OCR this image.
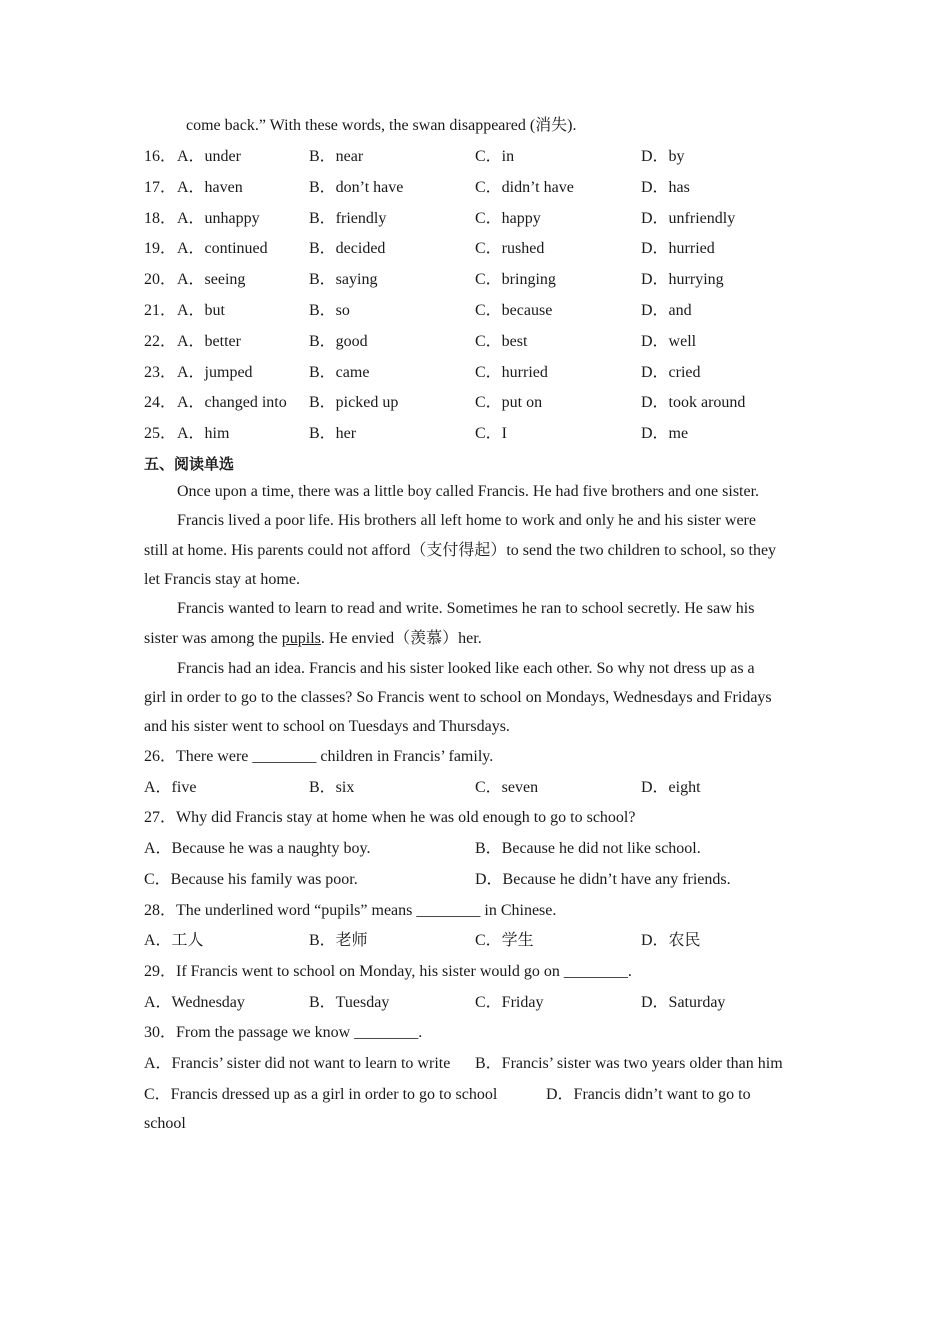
come back.” With these words, the swan disappeared (消失).
16． A．under	B．near	C．in	D．by
17． A．haven	B．don’t have	C．didn’t have	D．has
18． A．unhappy	B．friendly	C．happy	D．unfriendly
19． A．continued	B．decided	C．rushed	D．hurried
20． A．seeing	B．saying	C．bringing	D．hurrying
21． A．but	B．so	C．because	D．and
22． A．better	B．good	C．best	D．well
23． A．jumped	B．came	C．hurried	D．cried
24． A．changed into B．picked up	C．put on	D．took around
25． A．him	B．her	C．I	D．me
五、阅读单选
Once upon a time, there was a little boy called Francis. He had five brothers and one sister.
Francis lived a poor life. His brothers all left home to work and only he and his sister were
still at home. His parents could not afford（支付得起）to send the two children to school, so they
let Francis stay at home.
Francis wanted to learn to read and write. Sometimes he ran to school secretly. He saw his
sister was among the pupils. He envied（羡慕）her.
Francis had an idea. Francis and his sister looked like each other. So why not dress up as a
girl in order to go to the classes? So Francis went to school on Mondays, Wednesdays and Fridays
and his sister went to school on Tuesdays and Thursdays.
26．There were ________ children in Francis’ family.
A．five	B．six	C．seven	D．eight
27．Why did Francis stay at home when he was old enough to go to school?
A．Because he was a naughty boy.	B．Because he did not like school.
C．Because his family was poor.	D．Because he didn’t have any friends.
28．The underlined word “pupils” means ________ in Chinese.
A．工人	B．老师	C．学生	D．农民
29．If Francis went to school on Monday, his sister would go on ________.
A．Wednesday	B．Tuesday	C．Friday	D．Saturday
30．From the passage we know ________.
A．Francis’ sister did not want to learn to write B．Francis’ sister was two years older than him
C．Francis dressed up as a girl in order to go to school	D．Francis didn’t want to go to
school
